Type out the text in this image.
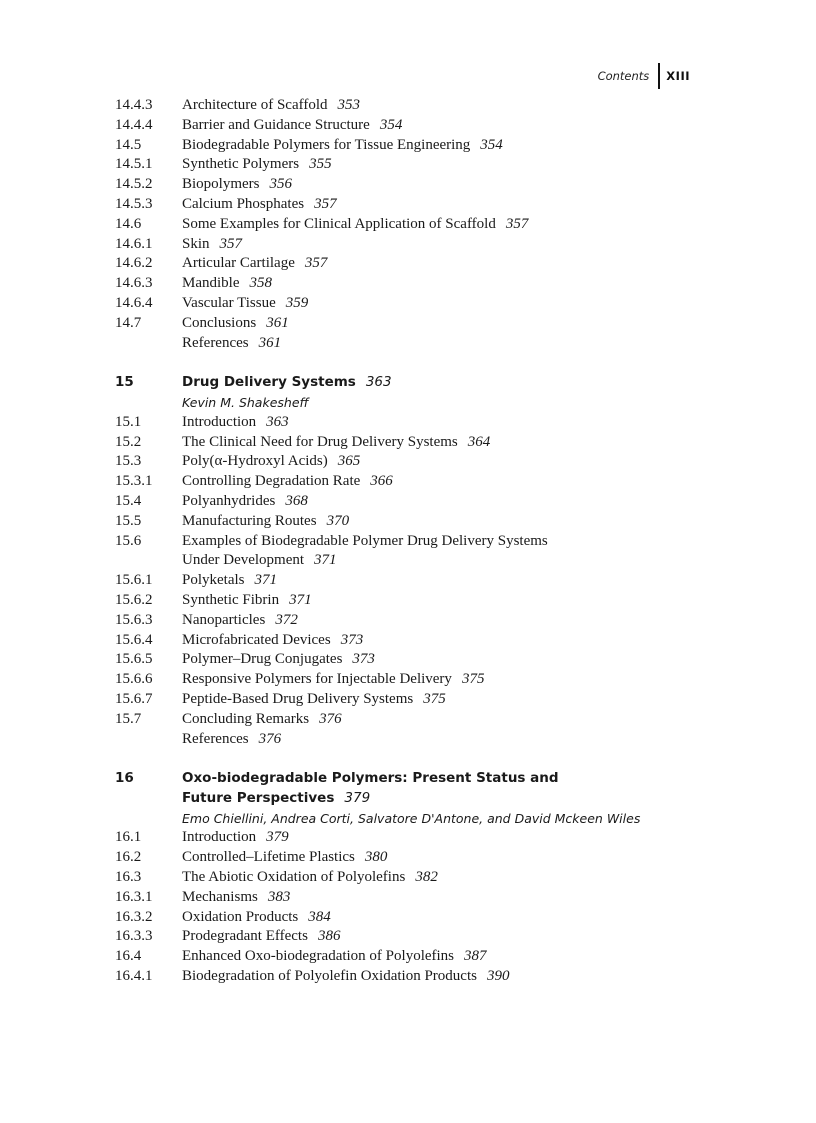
Contents XIII
14.4.3	Architecture of Scaffold 353
14.4.4	Barrier and Guidance Structure 354
14.5	Biodegradable Polymers for Tissue Engineering 354
14.5.1	Synthetic Polymers 355
14.5.2	Biopolymers 356
14.5.3	Calcium Phosphates 357
14.6	Some Examples for Clinical Application of Scaffold 357
14.6.1	Skin 357
14.6.2	Articular Cartilage 357
14.6.3	Mandible 358
14.6.4	Vascular Tissue 359
14.7	Conclusions 361
References 361
15	Drug Delivery Systems 363
Kevin M. Shakesheff
15.1	Introduction 363
15.2	The Clinical Need for Drug Delivery Systems 364
15.3	Poly(α-Hydroxyl Acids) 365
15.3.1	Controlling Degradation Rate 366
15.4	Polyanhydrides 368
15.5	Manufacturing Routes 370
15.6	Examples of Biodegradable Polymer Drug Delivery Systems
Under Development 371
15.6.1	Polyketals 371
15.6.2	Synthetic Fibrin 371
15.6.3	Nanoparticles 372
15.6.4	Microfabricated Devices 373
15.6.5	Polymer–Drug Conjugates 373
15.6.6	Responsive Polymers for Injectable Delivery 375
15.6.7	Peptide-Based Drug Delivery Systems 375
15.7	Concluding Remarks 376
References 376
16	Oxo-biodegradable Polymers: Present Status and
Future Perspectives 379
Emo Chiellini, Andrea Corti, Salvatore D'Antone, and David Mckeen Wiles
16.1	Introduction 379
16.2	Controlled–Lifetime Plastics 380
16.3	The Abiotic Oxidation of Polyolefins 382
16.3.1	Mechanisms 383
16.3.2	Oxidation Products 384
16.3.3	Prodegradant Effects 386
16.4	Enhanced Oxo-biodegradation of Polyolefins 387
16.4.1	Biodegradation of Polyolefin Oxidation Products 390
